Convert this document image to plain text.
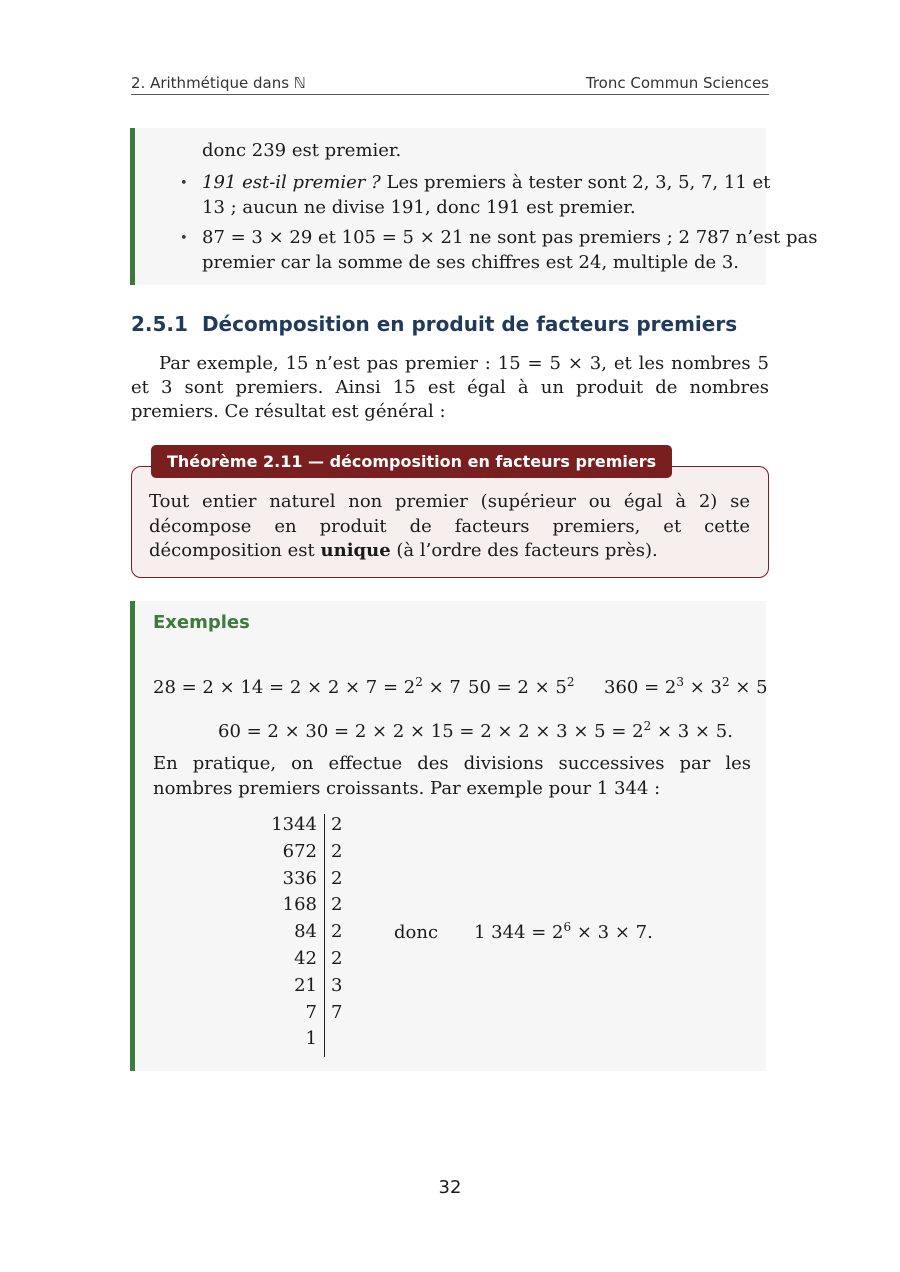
2. Arithmétique dans ℕ	Tronc Commun Sciences
donc 239 est premier.
• 191 est-il premier ? Les premiers à tester sont 2, 3, 5, 7, 11 et
13 ; aucun ne divise 191, donc 191 est premier.
• 87 = 3 × 29 et 105 = 5 × 21 ne sont pas premiers ; 2 787 n’est pas
premier car la somme de ses chiffres est 24, multiple de 3.
2.5.1 Décomposition en produit de facteurs premiers
Par exemple, 15 n’est pas premier : 15 = 5 × 3, et les nombres 5 et 3 sont premiers. Ainsi 15 est égal à un produit de nombres premiers. Ce résultat est général :
Théorème 2.11 — décomposition en facteurs premiers
Tout entier naturel non premier (supérieur ou égal à 2) se décompose en produit de facteurs premiers, et cette décomposition est unique (à l’ordre des facteurs près).
Exemples
$28 = 2 \times 14 = 2 \times 2 \times 7 = 2^2 \times 7$ $50 = 2 \times 5^2$ $360 = 2^3 \times 3^2 \times 5$
$60 = 2 \times 30 = 2 \times 2 \times 15 = 2 \times 2 \times 3 \times 5 = 2^2 \times 3 \times 5$.
En pratique, on effectue des divisions successives par les nombres premiers croissants. Par exemple pour 1 344 :
1344 2
672 2
336 2
168 2
84 2
42 2
21 3
7 7
1
donc 1 $344 = 2^6 \times 3 \times 7$.
32
